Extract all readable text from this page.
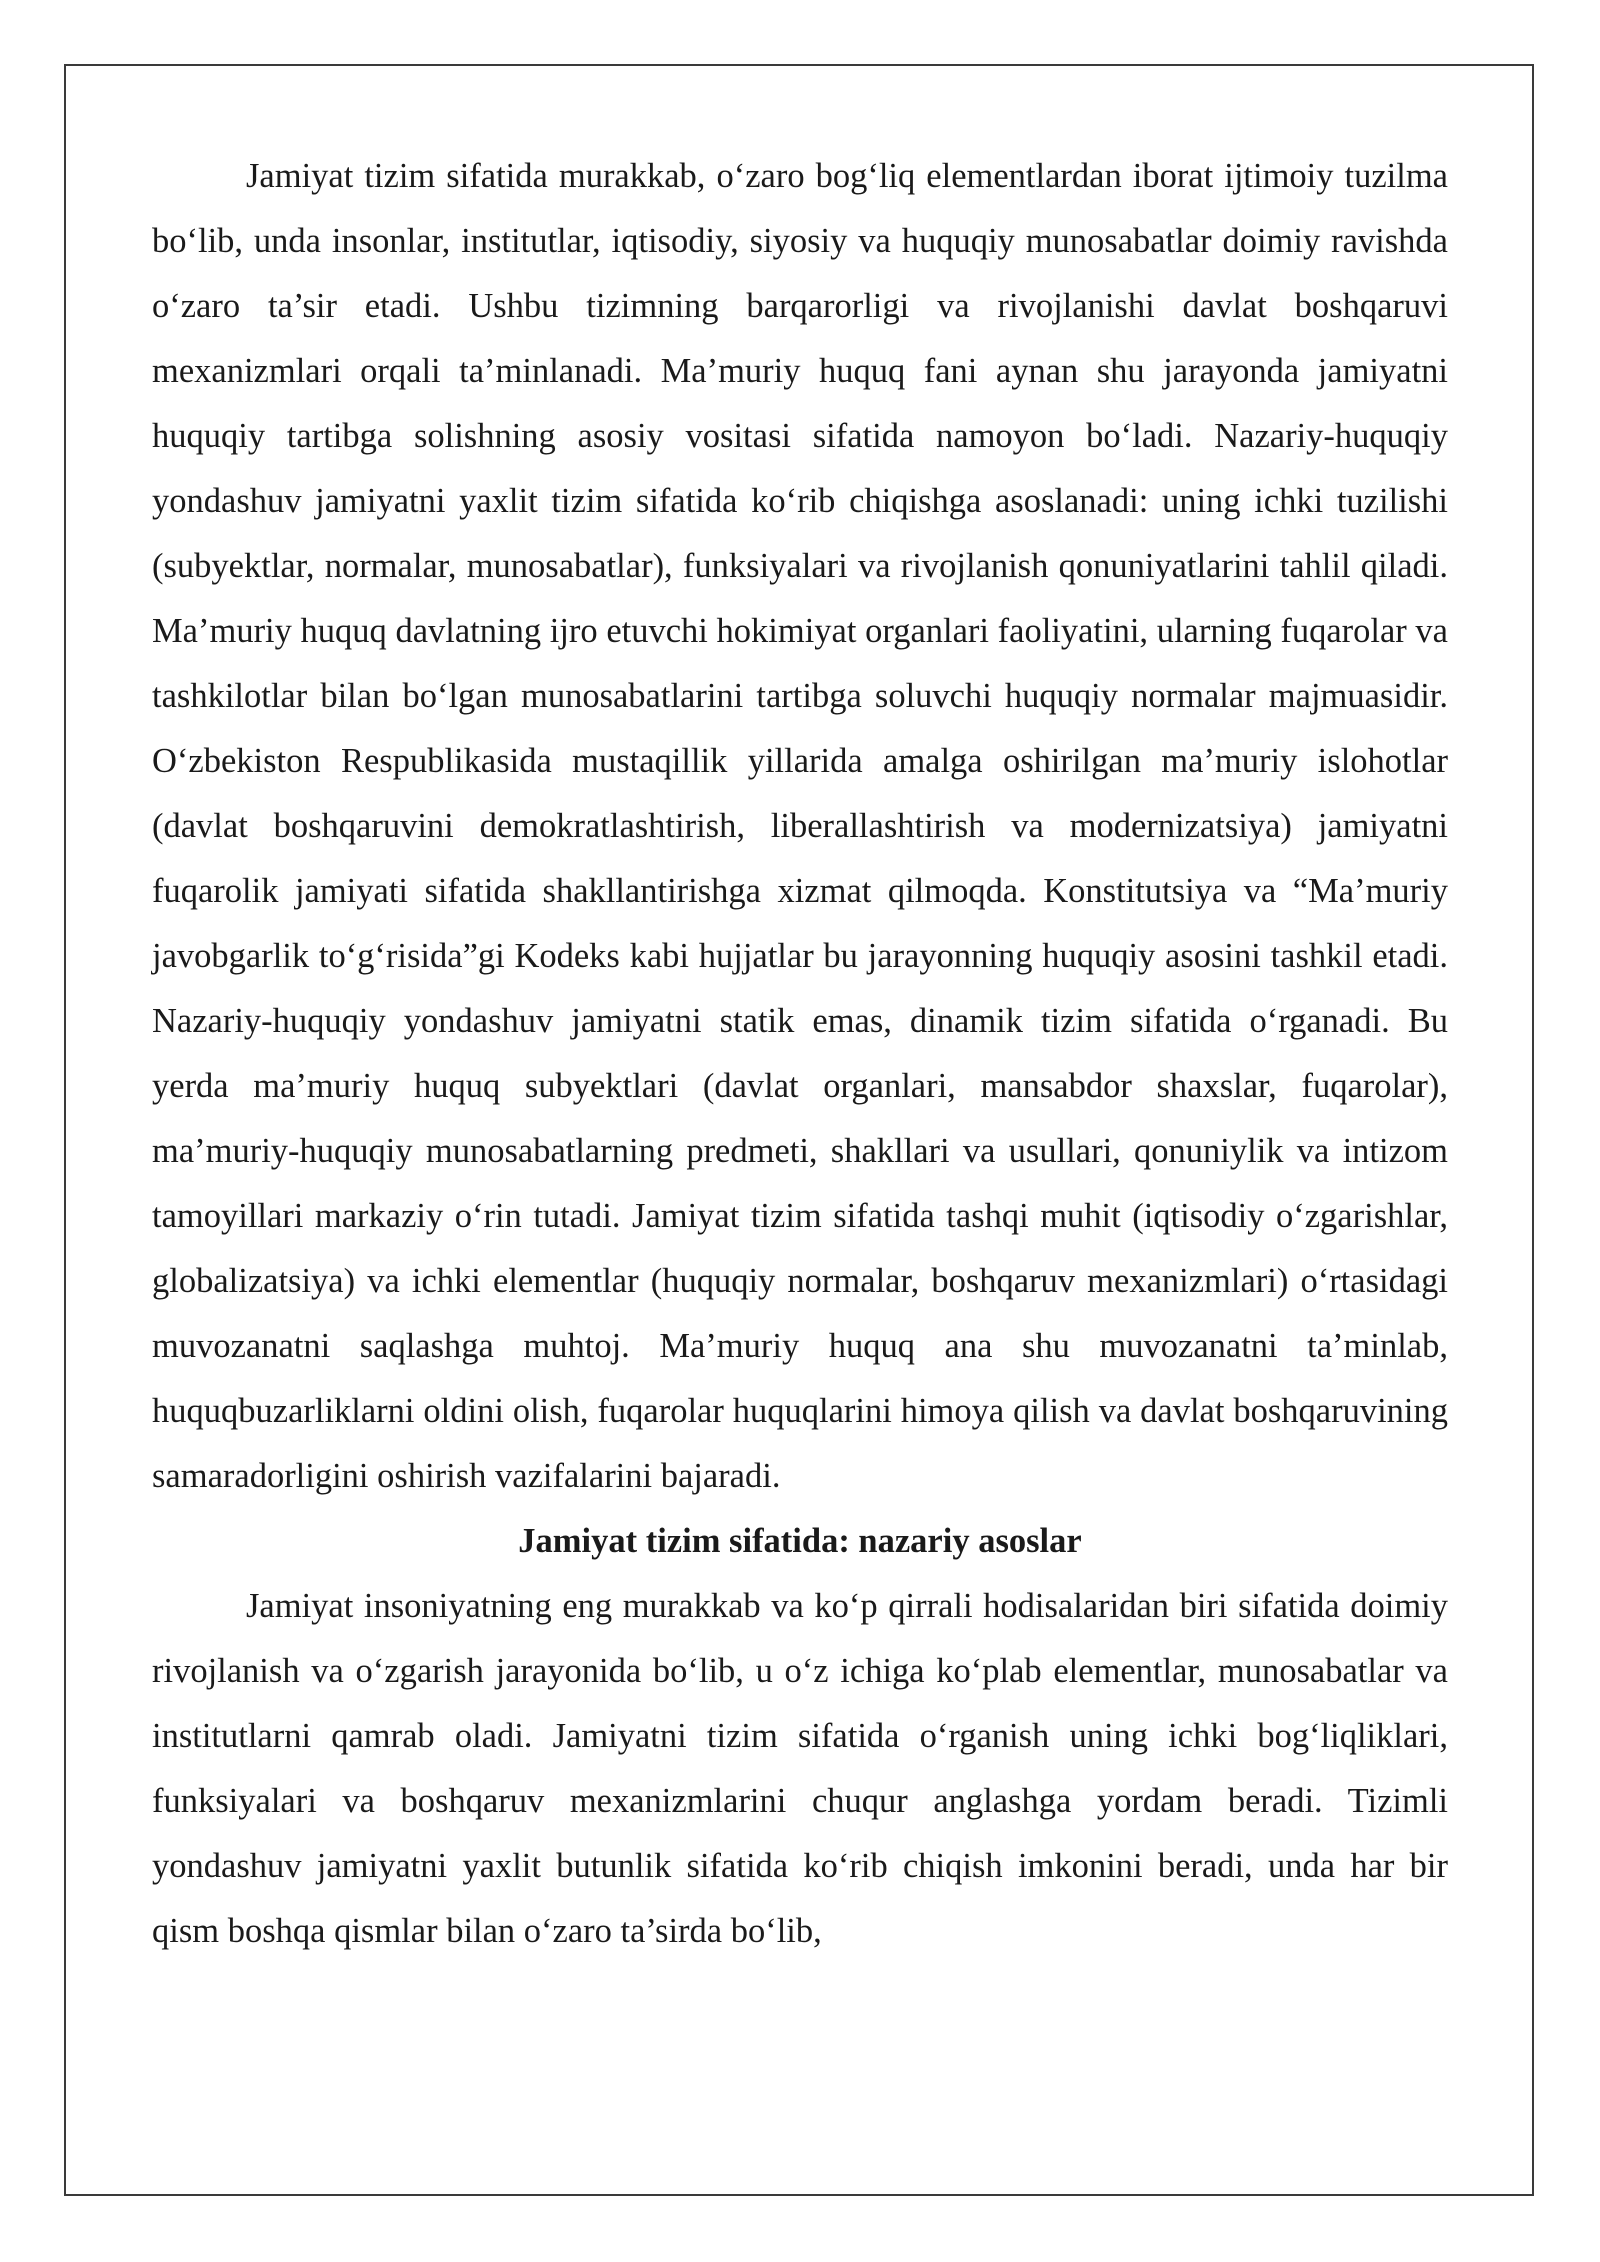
Jamiyat tizim sifatida murakkab, o‘zaro bog‘liq elementlardan iborat ijtimoiy tuzilma bo‘lib, unda insonlar, institutlar, iqtisodiy, siyosiy va huquqiy munosabatlar doimiy ravishda o‘zaro ta’sir etadi. Ushbu tizimning barqarorligi va rivojlanishi davlat boshqaruvi mexanizmlari orqali ta’minlanadi. Ma’muriy huquq fani aynan shu jarayonda jamiyatni huquqiy tartibga solishning asosiy vositasi sifatida namoyon bo‘ladi. Nazariy-huquqiy yondashuv jamiyatni yaxlit tizim sifatida ko‘rib chiqishga asoslanadi: uning ichki tuzilishi (subyektlar, normalar, munosabatlar), funksiyalari va rivojlanish qonuniyatlarini tahlil qiladi. Ma’muriy huquq davlatning ijro etuvchi hokimiyat organlari faoliyatini, ularning fuqarolar va tashkilotlar bilan bo‘lgan munosabatlarini tartibga soluvchi huquqiy normalar majmuasidir. O‘zbekiston Respublikasida mustaqillik yillarida amalga oshirilgan ma’muriy islohotlar (davlat boshqaruvini demokratlashtirish, liberallashtirish va modernizatsiya) jamiyatni fuqarolik jamiyati sifatida shakllantirishga xizmat qilmoqda. Konstitutsiya va “Ma’muriy javobgarlik to‘g‘risida”gi Kodeks kabi hujjatlar bu jarayonning huquqiy asosini tashkil etadi. Nazariy-huquqiy yondashuv jamiyatni statik emas, dinamik tizim sifatida o‘rganadi. Bu yerda ma’muriy huquq subyektlari (davlat organlari, mansabdor shaxslar, fuqarolar), ma’muriy-huquqiy munosabatlarning predmeti, shakllari va usullari, qonuniylik va intizom tamoyillari markaziy o‘rin tutadi. Jamiyat tizim sifatida tashqi muhit (iqtisodiy o‘zgarishlar, globalizatsiya) va ichki elementlar (huquqiy normalar, boshqaruv mexanizmlari) o‘rtasidagi muvozanatni saqlashga muhtoj. Ma’muriy huquq ana shu muvozanatni ta’minlab, huquqbuzarliklarni oldini olish, fuqarolar huquqlarini himoya qilish va davlat boshqaruvining samaradorligini oshirish vazifalarini bajaradi.

Jamiyat tizim sifatida: nazariy asoslar

Jamiyat insoniyatning eng murakkab va ko‘p qirrali hodisalaridan biri sifatida doimiy rivojlanish va o‘zgarish jarayonida bo‘lib, u o‘z ichiga ko‘plab elementlar, munosabatlar va institutlarni qamrab oladi. Jamiyatni tizim sifatida o‘rganish uning ichki bog‘liqliklari, funksiyalari va boshqaruv mexanizmlarini chuqur anglashga yordam beradi. Tizimli yondashuv jamiyatni yaxlit butunlik sifatida ko‘rib chiqish imkonini beradi, unda har bir qism boshqa qismlar bilan o‘zaro ta’sirda bo‘lib,
